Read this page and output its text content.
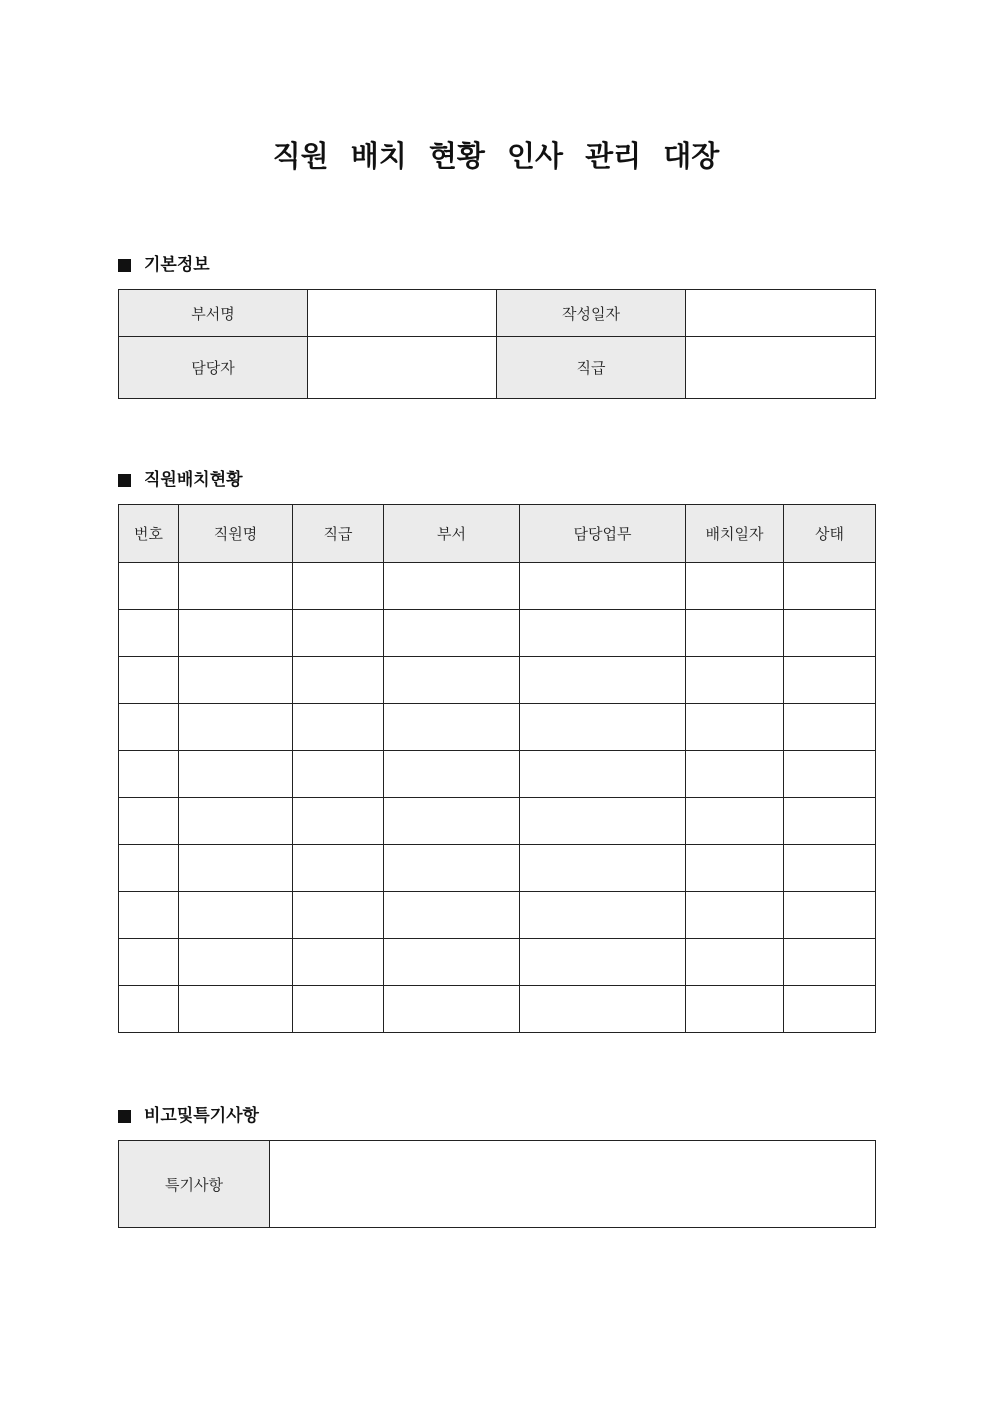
직원 배치 현황 인사 관리 대장
기본정보
부서명		작성일자	
담당자		직급	
직원배치현황
번호	직원명	직급	부서	담당업무	배치일자	상태

비고및특기사항
특기사항	
